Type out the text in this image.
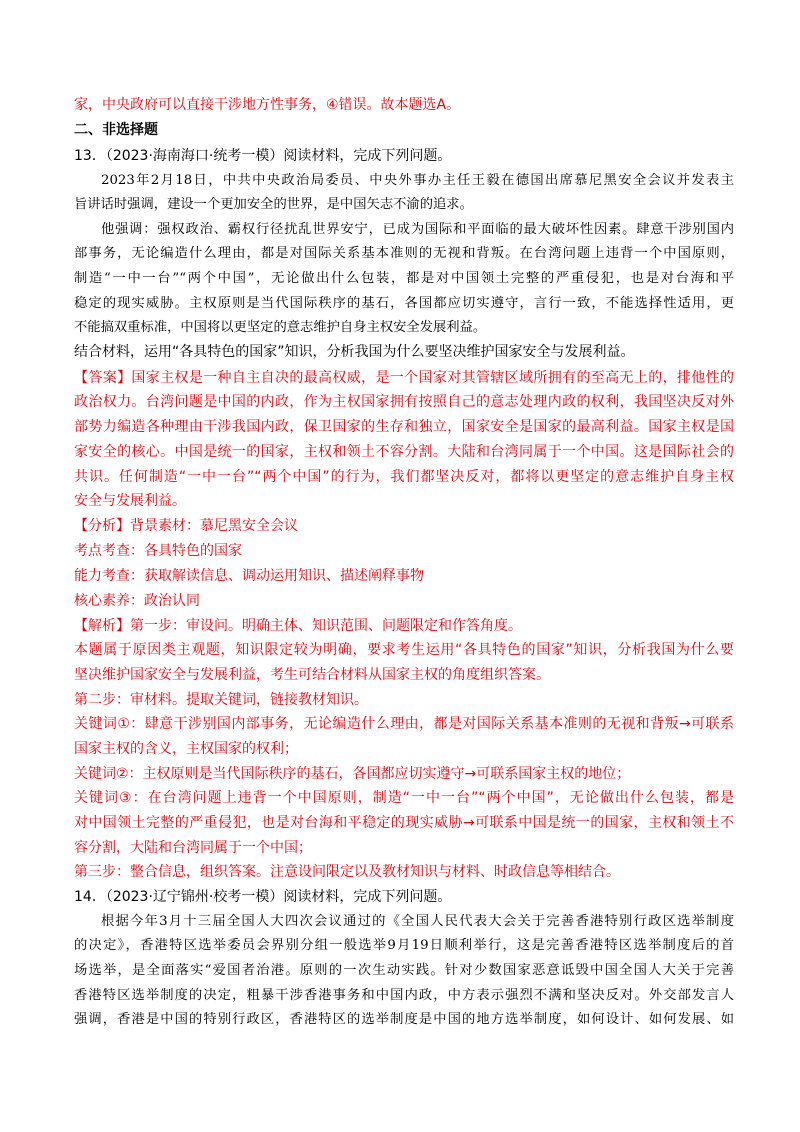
家，中央政府可以直接干涉地方性事务，④错误。故本题选A。
二、非选择题
13．（2023·海南海口·统考一模）阅读材料，完成下列问题。
2023年2月18日，中共中央政治局委员、中央外事办主任王毅在德国出席慕尼黑安全会议并发表主
旨讲话时强调，建设一个更加安全的世界，是中国矢志不渝的追求。
他强调：强权政治、霸权行径扰乱世界安宁，已成为国际和平面临的最大破坏性因素。肆意干涉别国内
部事务，无论编造什么理由，都是对国际关系基本准则的无视和背叛。在台湾问题上违背一个中国原则，
制造“一中一台”“两个中国”，无论做出什么包装，都是对中国领土完整的严重侵犯，也是对台海和平
稳定的现实威胁。主权原则是当代国际秩序的基石，各国都应切实遵守，言行一致，不能选择性适用，更
不能搞双重标准，中国将以更坚定的意志维护自身主权安全发展利益。
结合材料，运用“各具特色的国家”知识，分析我国为什么要坚决维护国家安全与发展利益。
【答案】国家主权是一种自主自决的最高权威，是一个国家对其管辖区域所拥有的至高无上的，排他性的
政治权力。台湾问题是中国的内政，作为主权国家拥有按照自己的意志处理内政的权利，我国坚决反对外
部势力编造各种理由干涉我国内政，保卫国家的生存和独立，国家安全是国家的最高利益。国家主权是国
家安全的核心。中国是统一的国家，主权和领土不容分割。大陆和台湾同属于一个中国。这是国际社会的
共识。任何制造“一中一台”“两个中国”的行为，我们都坚决反对，都将以更坚定的意志维护自身主权
安全与发展利益。
【分析】背景素材：慕尼黑安全会议
考点考查：各具特色的国家
能力考查：获取解读信息、调动运用知识、描述阐释事物
核心素养：政治认同
【解析】第一步：审设问。明确主体、知识范围、问题限定和作答角度。
本题属于原因类主观题，知识限定较为明确，要求考生运用“各具特色的国家”知识，分析我国为什么要
坚决维护国家安全与发展利益，考生可结合材料从国家主权的角度组织答案。
第二步：审材料。提取关键词，链接教材知识。
关键词①：肆意干涉别国内部事务，无论编造什么理由，都是对国际关系基本准则的无视和背叛→可联系
国家主权的含义，主权国家的权利；
关键词②：主权原则是当代国际秩序的基石，各国都应切实遵守→可联系国家主权的地位；
关键词③：在台湾问题上违背一个中国原则，制造“一中一台”“两个中国”，无论做出什么包装，都是
对中国领土完整的严重侵犯，也是对台海和平稳定的现实威胁→可联系中国是统一的国家，主权和领土不
容分割，大陆和台湾同属于一个中国；
第三步：整合信息，组织答案。注意设问限定以及教材知识与材料、时政信息等相结合。
14．（2023·辽宁锦州·校考一模）阅读材料，完成下列问题。
根据今年3月十三届全国人大四次会议通过的《全国人民代表大会关于完善香港特别行政区选举制度
的决定》，香港特区选举委员会界别分组一般选举9月19日顺利举行，这是完善香港特区选举制度后的首
场选举，是全面落实“爱国者治港。原则的一次生动实践。针对少数国家恶意诋毁中国全国人大关于完善
香港特区选举制度的决定，粗暴干涉香港事务和中国内政，中方表示强烈不满和坚决反对。外交部发言人
强调，香港是中国的特别行政区，香港特区的选举制度是中国的地方选举制度，如何设计、如何发展、如
